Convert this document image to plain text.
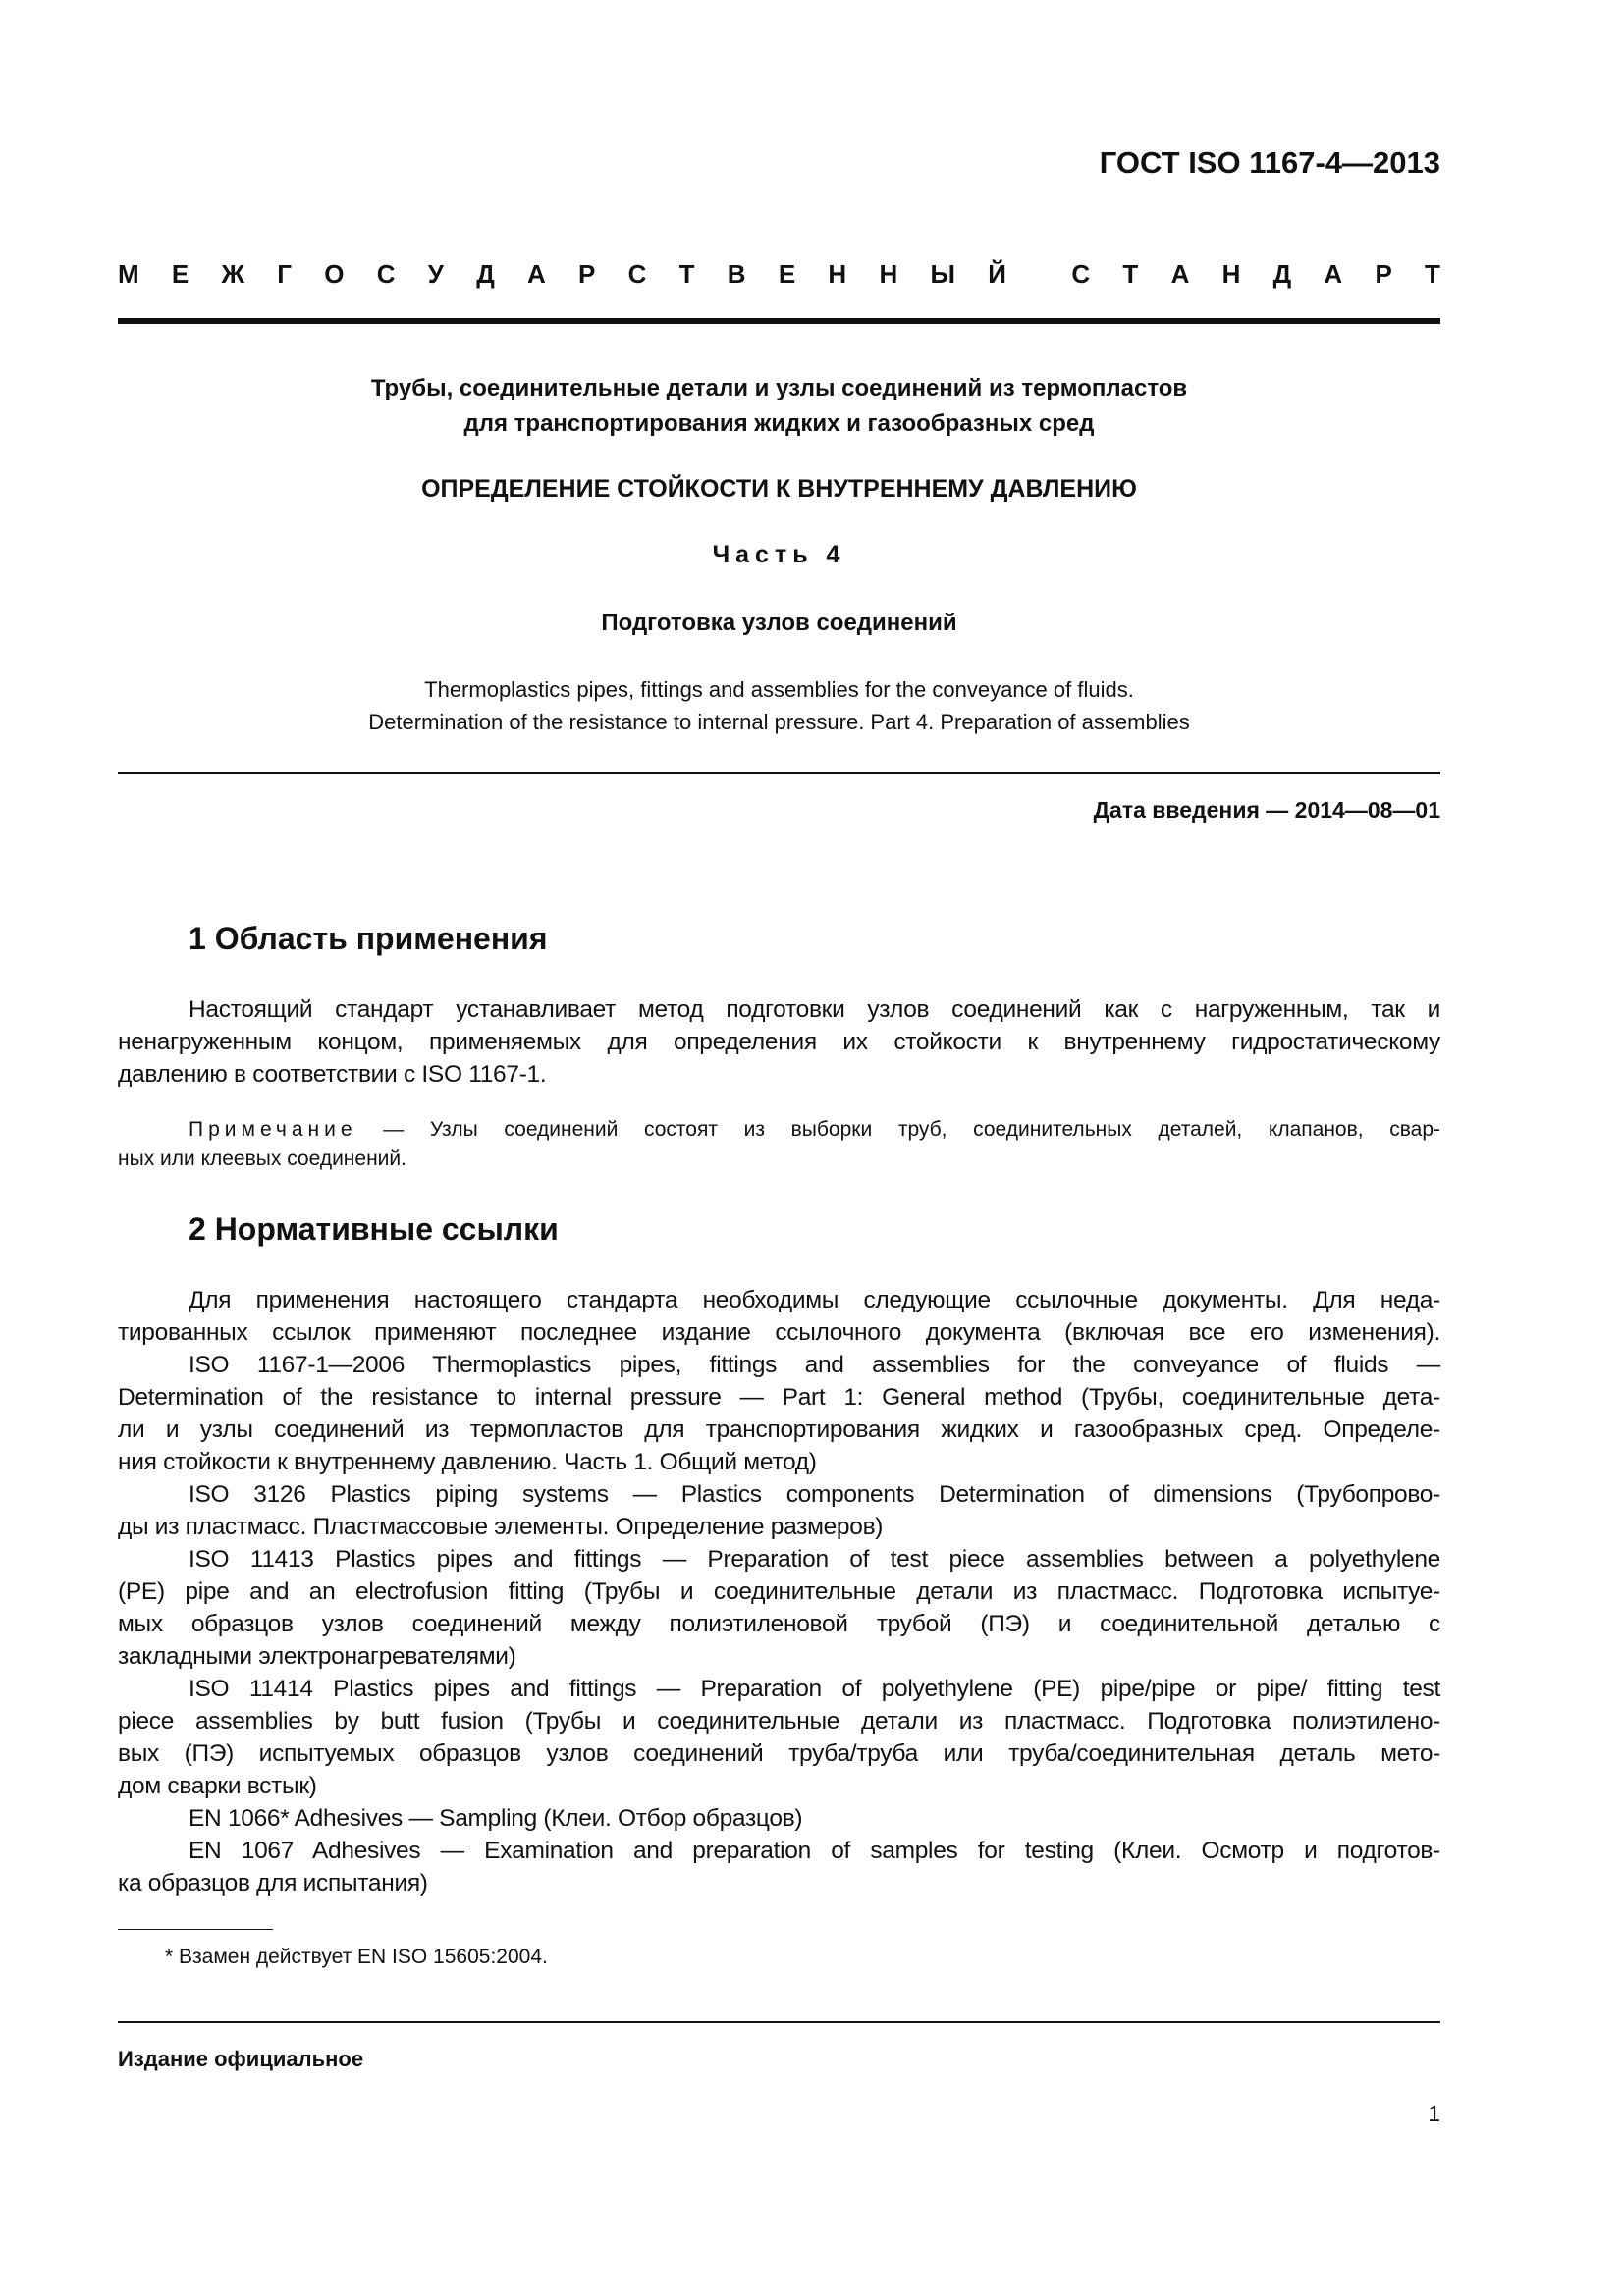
ГОСТ ISO 1167-4—2013
М Е Ж Г О С У Д А Р С Т В Е Н Н Ы Й	С Т А Н Д А Р Т
Трубы, соединительные детали и узлы соединений из термопластов
для транспортирования жидких и газообразных сред
ОПРЕДЕЛЕНИЕ СТОЙКОСТИ К ВНУТРЕННЕМУ ДАВЛЕНИЮ
Часть 4
Подготовка узлов соединений
Thermoplastics pipes, fittings and assemblies for the conveyance of fluids.
Determination of the resistance to internal pressure. Part 4. Preparation of assemblies
Дата введения — 2014—08—01
1 Область применения
Настоящий стандарт устанавливает метод подготовки узлов соединений как с нагруженным, так и
ненагруженным концом, применяемых для определения их стойкости к внутреннему гидростатическому
давлению в соответствии с ISO 1167-1.
Примечание — Узлы соединений состоят из выборки труб, соединительных деталей, клапанов, свар-
ных или клеевых соединений.
2 Нормативные ссылки
Для применения настоящего стандарта необходимы следующие ссылочные документы. Для неда-
тированных ссылок применяют последнее издание ссылочного документа (включая все его изменения).
ISO 1167-1—2006 Thermoplastics pipes, fittings and assemblies for the conveyance of fluids —
Determination of the resistance to internal pressure — Part 1: General method (Трубы, соединительные дета-
ли и узлы соединений из термопластов для транспортирования жидких и газообразных сред. Определе-
ния стойкости к внутреннему давлению. Часть 1. Общий метод)
ISO 3126 Plastics piping systems — Plastics components Determination of dimensions (Трубопрово-
ды из пластмасс. Пластмассовые элементы. Определение размеров)
ISO 11413 Plastics pipes and fittings — Preparation of test piece assemblies between a polyethylene
(PE) pipe and an electrofusion fitting (Трубы и соединительные детали из пластмасс. Подготовка испытуе-
мых образцов узлов соединений между полиэтиленовой трубой (ПЭ) и соединительной деталью с
закладными электронагревателями)
ISO 11414 Plastics pipes and fittings — Preparation of polyethylene (PE) pipe/pipe or pipe/ fitting test
piece assemblies by butt fusion (Трубы и соединительные детали из пластмасс. Подготовка полиэтилено-
вых (ПЭ) испытуемых образцов узлов соединений труба/труба или труба/соединительная деталь мето-
дом сварки встык)
EN 1066* Adhesives — Sampling (Клеи. Отбор образцов)
EN 1067 Adhesives — Examination and preparation of samples for testing (Клеи. Осмотр и подготов-
ка образцов для испытания)
* Взамен действует EN ISO 15605:2004.
Издание официальное
1
